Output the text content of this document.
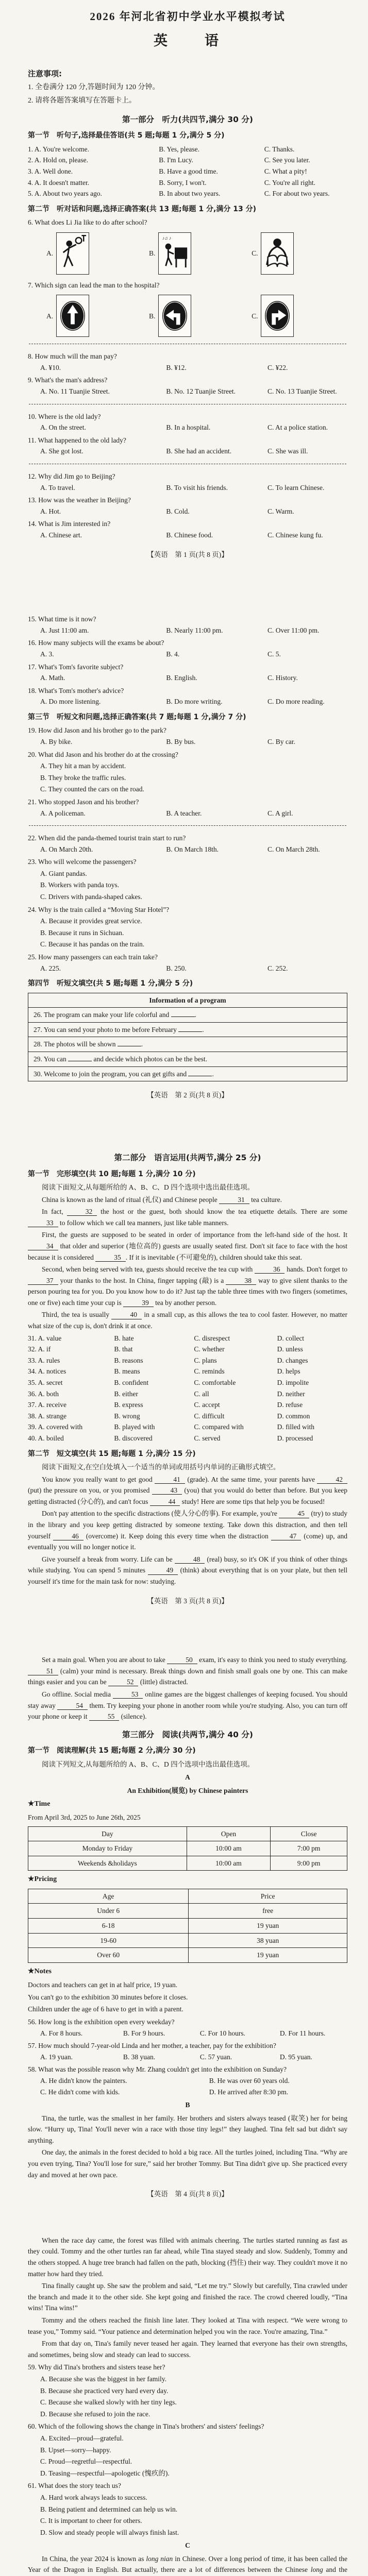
2026 年河北省初中学业水平模拟考试
英　　语
注意事项:
1. 全卷满分 120 分,答题时间为 120 分钟。
2. 请将各题答案填写在答题卡上。
第一部分　听力(共四节,满分 30 分)
第一节　听句子,选择最佳答语(共 5 题;每题 1 分,满分 5 分)
1. A. You're welcome.	B. Yes, please.	C. Thanks.
2. A. Hold on, please.	B. I'm Lucy.	C. See you later.
3. A. Well done.	B. Have a good time.	C. What a pity!
4. A. It doesn't matter.	B. Sorry, I won't.	C. You're all right.
5. A. About two years ago.	B. In about two years.	C. For about two years.
第二节　听对话和问题,选择正确答案(共 13 题;每题 1 分,满分 13 分)
6. What does Li Jia like to do after school?
A.	B.
♪♫ ♪
C.
7. Which sign can lead the man to the hospital?
A.	B.	C.
8. How much will the man pay?
A. ¥10.	B. ¥12.	C. ¥22.
9. What's the man's address?
A. No. 11 Tuanjie Street.	B. No. 12 Tuanjie Street.	C. No. 13 Tuanjie Street.
10. Where is the old lady?
A. On the street.	B. In a hospital.	C. At a police station.
11. What happened to the old lady?
A. She got lost.	B. She had an accident.	C. She was ill.
12. Why did Jim go to Beijing?
A. To travel.	B. To visit his friends.	C. To learn Chinese.
13. How was the weather in Beijing?
A. Hot.	B. Cold.	C. Warm.
14. What is Jim interested in?
A. Chinese art.	B. Chinese food.	C. Chinese kung fu.
【英语　第 1 页(共 8 页)】
15. What time is it now?
A. Just 11:00 am.	B. Nearly 11:00 pm.	C. Over 11:00 pm.
16. How many subjects will the exams be about?
A. 3.	B. 4.	C. 5.
17. What's Tom's favorite subject?
A. Math.	B. English.	C. History.
18. What's Tom's mother's advice?
A. Do more listening.	B. Do more writing.	C. Do more reading.
第三节　听短文和问题,选择正确答案(共 7 题;每题 1 分,满分 7 分)
19. How did Jason and his brother go to the park?
A. By bike.	B. By bus.	C. By car.
20. What did Jason and his brother do at the crossing?
A. They hit a man by accident.
B. They broke the traffic rules.
C. They counted the cars on the road.
21. Who stopped Jason and his brother?
A. A policeman.	B. A teacher.	C. A girl.
22. When did the panda-themed tourist train start to run?
A. On March 20th.	B. On March 18th.	C. On March 28th.
23. Who will welcome the passengers?
A. Giant pandas.
B. Workers with panda toys.
C. Drivers with panda-shaped cakes.
24. Why is the train called a “Moving Star Hotel”?
A. Because it provides great service.
B. Because it runs in Sichuan.
C. Because it has pandas on the train.
25. How many passengers can each train take?
A. 225.	B. 250.	C. 252.
第四节　听短文填空(共 5 题;每题 1 分,满分 5 分)
Information of a program
26. The program can make your life colorful and	.
27. You can send your photo to me before February	.
28. The photos will be shown	.
29. You can	and decide which photos can be the best.
30. Welcome to join the program, you can get gifts and	.
【英语　第 2 页(共 8 页)】
第二部分　语言运用(共两节,满分 25 分)
第一节　完形填空(共 10 题;每题 1 分,满分 10 分)
阅读下面短文,从每题所给的 A、B、C、D 四个选项中选出最佳选项。
China is known as the land of ritual (礼仪) and Chinese people	31 tea culture.
In fact,	32 the host or the guest, both should know the tea etiquette details. There are some 33 to follow which we call tea manners, just like table manners.
First, the guests are supposed to be seated in order of importance from the left-hand side of the host. It 34 that older and superior (地位高的) guests are usually seated first. Don't sit face to face with the host because it is considered	35 . If it is inevitable (不可避免的), children should take this seat.
Second, when being served with tea, guests should receive the tea cup with	36 hands. Don't forget to 37 your thanks to the host. In China, finger tapping (敲) is a	38 way to give silent thanks to the person pouring tea for you. Do you know how to do it? Just tap the table three times with two fingers (sometimes, one or five) each time your cup is	39 tea by another person.
Third, the tea is usually	40 in a small cup, as this allows the tea to cool faster. However, no matter what size of the cup is, don't drink it at once.
31. A. value	B. hate	C. disrespect	D. collect
32. A. if	B. that	C. whether	D. unless
33. A. rules	B. reasons	C. plans	D. changes
34. A. notices	B. means	C. reminds	D. helps
35. A. secret	B. confident	C. comfortable	D. impolite
36. A. both	B. either	C. all	D. neither
37. A. receive	B. express	C. accept	D. refuse
38. A. strange	B. wrong	C. difficult	D. common
39. A. covered with	B. played with	C. compared with	D. filled with
40. A. boiled	B. discovered	C. served	D. processed
第二节　短文填空(共 15 题;每题 1 分,满分 15 分)
阅读下面短文,在空白处填入一个适当的单词或用括号内单词的正确形式填空。
You know you really want to get good	41 (grade). At the same time, your parents have	42 (put) the pressure on you, or you promised	43 (you) that you would do better than before. But you keep getting distracted (分心的), and can't focus	44 study! Here are some tips that help you be focused!
Don't pay attention to the specific distractions (使人分心的事). For example, you're	45 (try) to study in the library and you keep getting distracted by someone texting. Take down this distraction, and then tell yourself	46 (overcome) it. Keep doing this every time when the distraction	47 (come) up, and eventually you will no longer notice it.
Give yourself a break from worry. Life can be	48 (real) busy, so it's OK if you think of other things while studying. You can spend 5 minutes	49 (think) about everything that is on your plate, but then tell yourself it's time for the main task for now: studying.
【英语　第 3 页(共 8 页)】
Set a main goal. When you are about to take	50 exam, it's easy to think you need to study everything. 51 (calm) your mind is necessary. Break things down and finish small goals one by one. This can make things easier and you can be	52 (little) distracted.
Go offline. Social media	53 online games are the biggest challenges of keeping focused. You should stay away	54 them. Try keeping your phone in another room while you're studying. Also, you can turn off your phone or keep it	55 (silence).
第三部分　阅读(共两节,满分 40 分)
第一节　阅读理解(共 15 题;每题 2 分,满分 30 分)
阅读下列短文,从每题所给的 A、B、C、D 四个选项中选出最佳选项。
A
An Exhibition(展览) by Chinese painters
★Time
From April 3rd, 2025 to June 26th, 2025
Day	Open	Close
Monday to Friday	10:00 am	7:00 pm
Weekends &holidays	10:00 am	9:00 pm
★Pricing
Age	Price
Under 6	free
6-18	19 yuan
19-60	38 yuan
Over 60	19 yuan
★Notes
Doctors and teachers can get in at half price, 19 yuan.
You can't go to the exhibition 30 minutes before it closes.
Children under the age of 6 have to get in with a parent.
56. How long is the exhibition open every weekday?
A. For 8 hours.	B. For 9 hours.	C. For 10 hours.	D. For 11 hours.
57. How much should 7-year-old Linda and her mother, a teacher, pay for the exhibition?
A. 19 yuan.	B. 38 yuan.	C. 57 yuan.	D. 95 yuan.
58. What was the possible reason why Mr. Zhang couldn't get into the exhibition on Sunday?
A. He didn't know the painters.	B. He was over 60 years old.
C. He didn't come with kids.	D. He arrived after 8:30 pm.
B
Tina, the turtle, was the smallest in her family. Her brothers and sisters always teased (取笑) her for being slow. “Hurry up, Tina! You'll never win a race with those tiny legs!” they laughed. Tina felt sad but didn't say anything.
One day, the animals in the forest decided to hold a big race. All the turtles joined, including Tina. “Why are you even trying, Tina? You'll lose for sure,” said her brother Tommy. But Tina didn't give up. She practiced every day and moved at her own pace.
【英语　第 4 页(共 8 页)】
When the race day came, the forest was filled with animals cheering. The turtles started running as fast as they could. Tommy and the other turtles ran far ahead, while Tina stayed steady and slow. Suddenly, Tommy and the others stopped. A huge tree branch had fallen on the path, blocking (挡住) their way. They couldn't move it no matter how hard they tried.
Tina finally caught up. She saw the problem and said, “Let me try.” Slowly but carefully, Tina crawled under the branch and made it to the other side. She kept going and finished the race. The crowd cheered loudly, “Tina wins! Tina wins!”
Tommy and the others reached the finish line later. They looked at Tina with respect. “We were wrong to tease you,” Tommy said. “Your patience and determination helped you win the race. You're amazing, Tina.”
From that day on, Tina's family never teased her again. They learned that everyone has their own strengths, and sometimes, being slow and steady can lead to success.
59. Why did Tina's brothers and sisters tease her?
A. Because she was the biggest in her family.
B. Because she practiced very hard every day.
C. Because she walked slowly with her tiny legs.
D. Because she refused to join the race.
60. Which of the following shows the change in Tina's brothers' and sisters' feelings?
A. Excited—proud—grateful.
B. Upset—sorry—happy.
C. Proud—regretful—respectful.
D. Teasing—respectful—apologetic (愧疚的).
61. What does the story teach us?
A. Hard work always leads to success.
B. Being patient and determined can help us win.
C. It is important to cheer for others.
D. Slow and steady people will always finish last.
C
In China, the year 2024 is known as long nian in Chinese. Over a long period of time, it has been called the Year of the Dragon in English. But actually, there are a lot of differences between the Chinese long and the
